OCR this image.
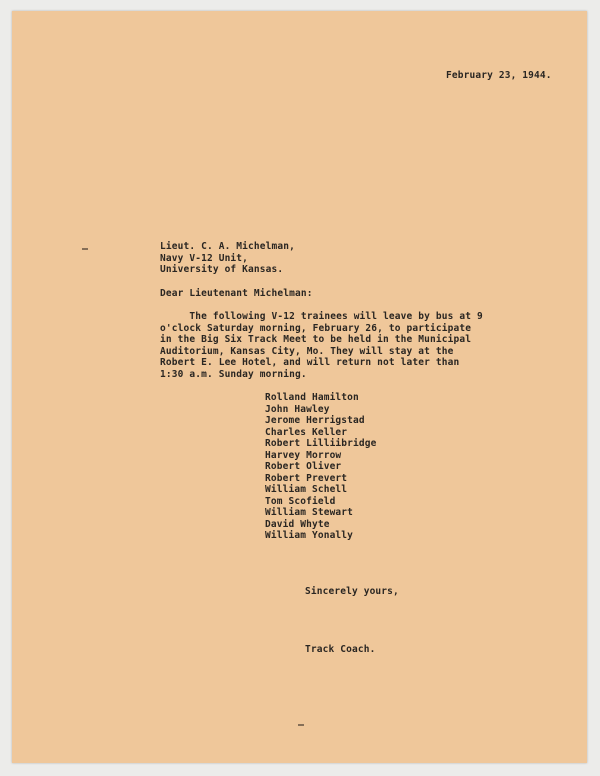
February 23, 1944.
Lieut. C. A. Michelman,
Navy V-12 Unit,
University of Kansas.
Dear Lieutenant Michelman:
The following V-12 trainees will leave by bus at 9
o'clock Saturday morning, February 26, to participate
in the Big Six Track Meet to be held in the Municipal
Auditorium, Kansas City, Mo. They will stay at the
Robert E. Lee Hotel, and will return not later than
1:30 a.m. Sunday morning.
Rolland Hamilton
John Hawley
Jerome Herrigstad
Charles Keller
Robert Lilliibridge
Harvey Morrow
Robert Oliver
Robert Prevert
William Schell
Tom Scofield
William Stewart
David Whyte
William Yonally
Sincerely yours,
Track Coach.
